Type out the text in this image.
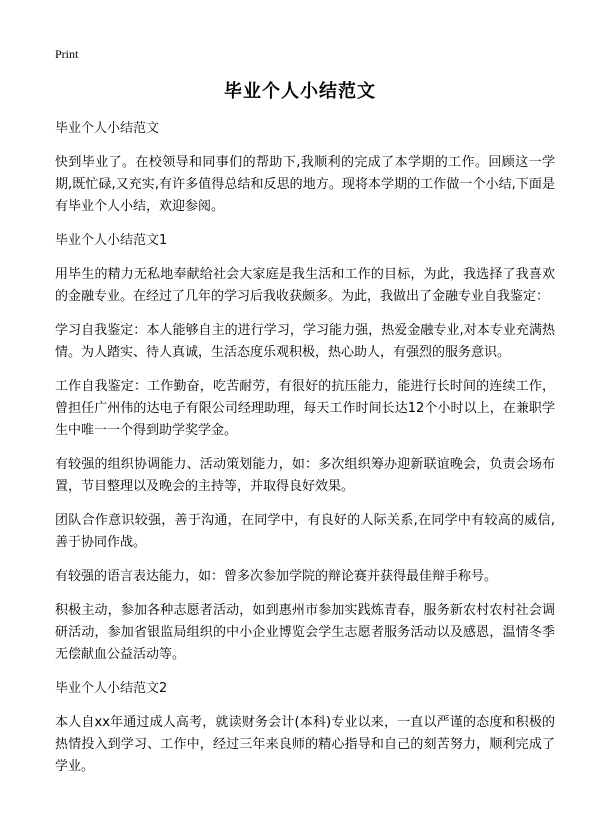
Print
毕业个人小结范文
毕业个人小结范文
快到毕业了。在校领导和同事们的帮助下,我顺利的完成了本学期的工作。回顾这一学期,既忙碌,又充实,有许多值得总结和反思的地方。现将本学期的工作做一个小结,下面是有毕业个人小结，欢迎参阅。
毕业个人小结范文1
用毕生的精力无私地奉献给社会大家庭是我生活和工作的目标，为此，我选择了我喜欢的金融专业。在经过了几年的学习后我收获颇多。为此，我做出了金融专业自我鉴定：
学习自我鉴定：本人能够自主的进行学习，学习能力强，热爱金融专业,对本专业充满热情。为人踏实、待人真诚，生活态度乐观积极，热心助人，有强烈的服务意识。
工作自我鉴定：工作勤奋，吃苦耐劳，有很好的抗压能力，能进行长时间的连续工作，曾担任广州伟的达电子有限公司经理助理，每天工作时间长达12个小时以上，在兼职学生中唯一一个得到助学奖学金。
有较强的组织协调能力、活动策划能力，如：多次组织筹办迎新联谊晚会，负责会场布置，节目整理以及晚会的主持等，并取得良好效果。
团队合作意识较强，善于沟通，在同学中，有良好的人际关系,在同学中有较高的威信,善于协同作战。
有较强的语言表达能力，如：曾多次参加学院的辩论赛并获得最佳辩手称号。
积极主动，参加各种志愿者活动，如到惠州市参加实践炼青春，服务新农村农村社会调研活动，参加省银监局组织的中小企业博览会学生志愿者服务活动以及感恩，温情冬季无偿献血公益活动等。
毕业个人小结范文2
本人自xx年通过成人高考，就读财务会计(本科)专业以来，一直以严谨的态度和积极的热情投入到学习、工作中，经过三年来良师的精心指导和自己的刻苦努力，顺利完成了学业。
